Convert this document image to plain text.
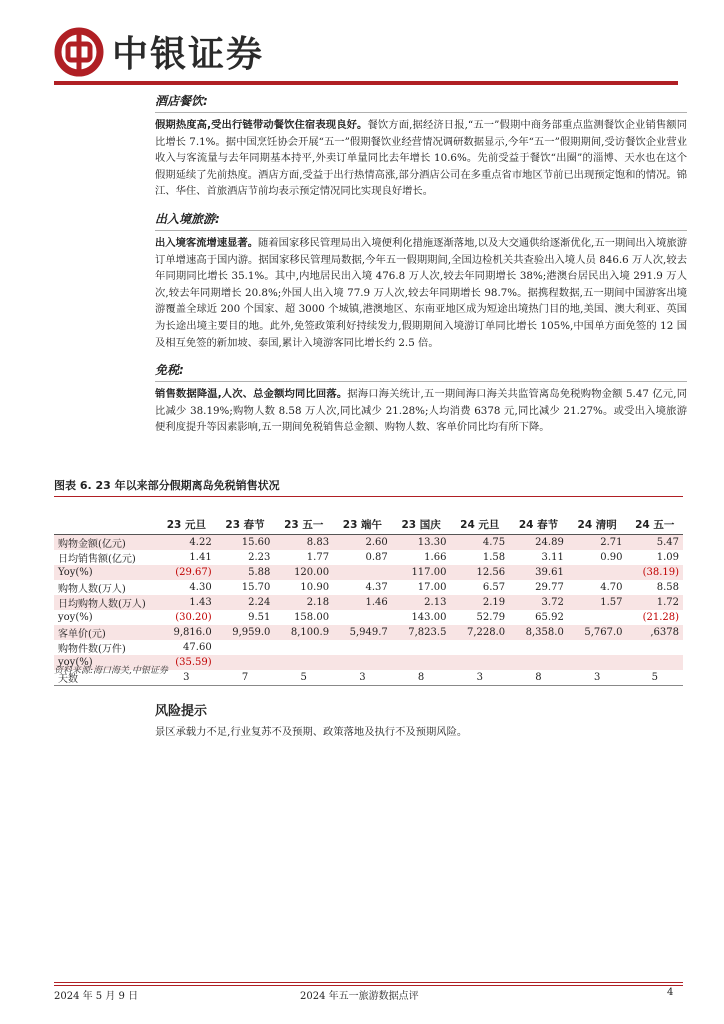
中银证券
酒店餐饮:

假期热度高,受出行链带动餐饮住宿表现良好。餐饮方面,据经济日报,“五一”假期中商务部重点监测餐饮企业销售额同比增长 7.1%。据中国烹饪协会开展“五一”假期餐饮业经营情况调研数据显示,今年“五一”假期期间,受访餐饮企业营业收入与客流量与去年同期基本持平,外卖订单量同比去年增长 10.6%。先前受益于餐饮“出圈”的淄博、天水也在这个假期延续了先前热度。酒店方面,受益于出行热情高涨,部分酒店公司在多重点省市地区节前已出现预定饱和的情况。锦江、华住、首旅酒店节前均表示预定情况同比实现良好增长。

出入境旅游:

出入境客流增速显著。随着国家移民管理局出入境便利化措施逐渐落地,以及大交通供给逐渐优化,五一期间出入境旅游订单增速高于国内游。据国家移民管理局数据,今年五一假期期间,全国边检机关共查验出入境人员 846.6 万人次,较去年同期同比增长 35.1%。其中,内地居民出入境 476.8 万人次,较去年同期增长 38%;港澳台居民出入境 291.9 万人次,较去年同期增长 20.8%;外国人出入境 77.9 万人次,较去年同期增长 98.7%。据携程数据,五一期间中国游客出境游覆盖全球近 200 个国家、超 3000 个城镇,港澳地区、东南亚地区成为短途出境热门目的地,美国、澳大利亚、英国为长途出境主要目的地。此外,免签政策利好持续发力,假期期间入境游订单同比增长 105%,中国单方面免签的 12 国及相互免签的新加坡、泰国,累计入境游客同比增长约 2.5 倍。

免税:

销售数据降温,人次、总金额均同比回落。据海口海关统计,五一期间海口海关共监管离岛免税购物金额 5.47 亿元,同比减少 38.19%;购物人数 8.58 万人次,同比减少 21.28%;人均消费 6378 元,同比减少 21.27%。或受出入境旅游便利度提升等因素影响,五一期间免税销售总金额、购物人数、客单价同比均有所下降。

图表 6. 23 年以来部分假期离岛免税销售状况
	23 元旦	23 春节	23 五一	23 端午	23 国庆	24 元旦	24 春节	24 清明	24 五一
购物金额(亿元)	4.22	15.60	8.83	2.60	13.30	4.75	24.89	2.71	5.47
日均销售额(亿元)	1.41	2.23	1.77	0.87	1.66	1.58	3.11	0.90	1.09
Yoy(%)	(29.67)	5.88	120.00		117.00	12.56	39.61		(38.19)
购物人数(万人)	4.30	15.70	10.90	4.37	17.00	6.57	29.77	4.70	8.58
日均购物人数(万人)	1.43	2.24	2.18	1.46	2.13	2.19	3.72	1.57	1.72
yoy(%)	(30.20)	9.51	158.00		143.00	52.79	65.92		(21.28)
客单价(元)	9,816.0	9,959.0	8,100.9	5,949.7	7,823.5	7,228.0	8,358.0	5,767.0	,6378
购物件数(万件)	47.60								
yoy(%)	(35.59)								
天数	3	7	5	3	8	3	8	3	5
资料来源:海口海关,中银证券
风险提示
景区承载力不足,行业复苏不及预期、政策落地及执行不及预期风险。
2024 年 5 月 9 日	2024 年五一旅游数据点评	4
